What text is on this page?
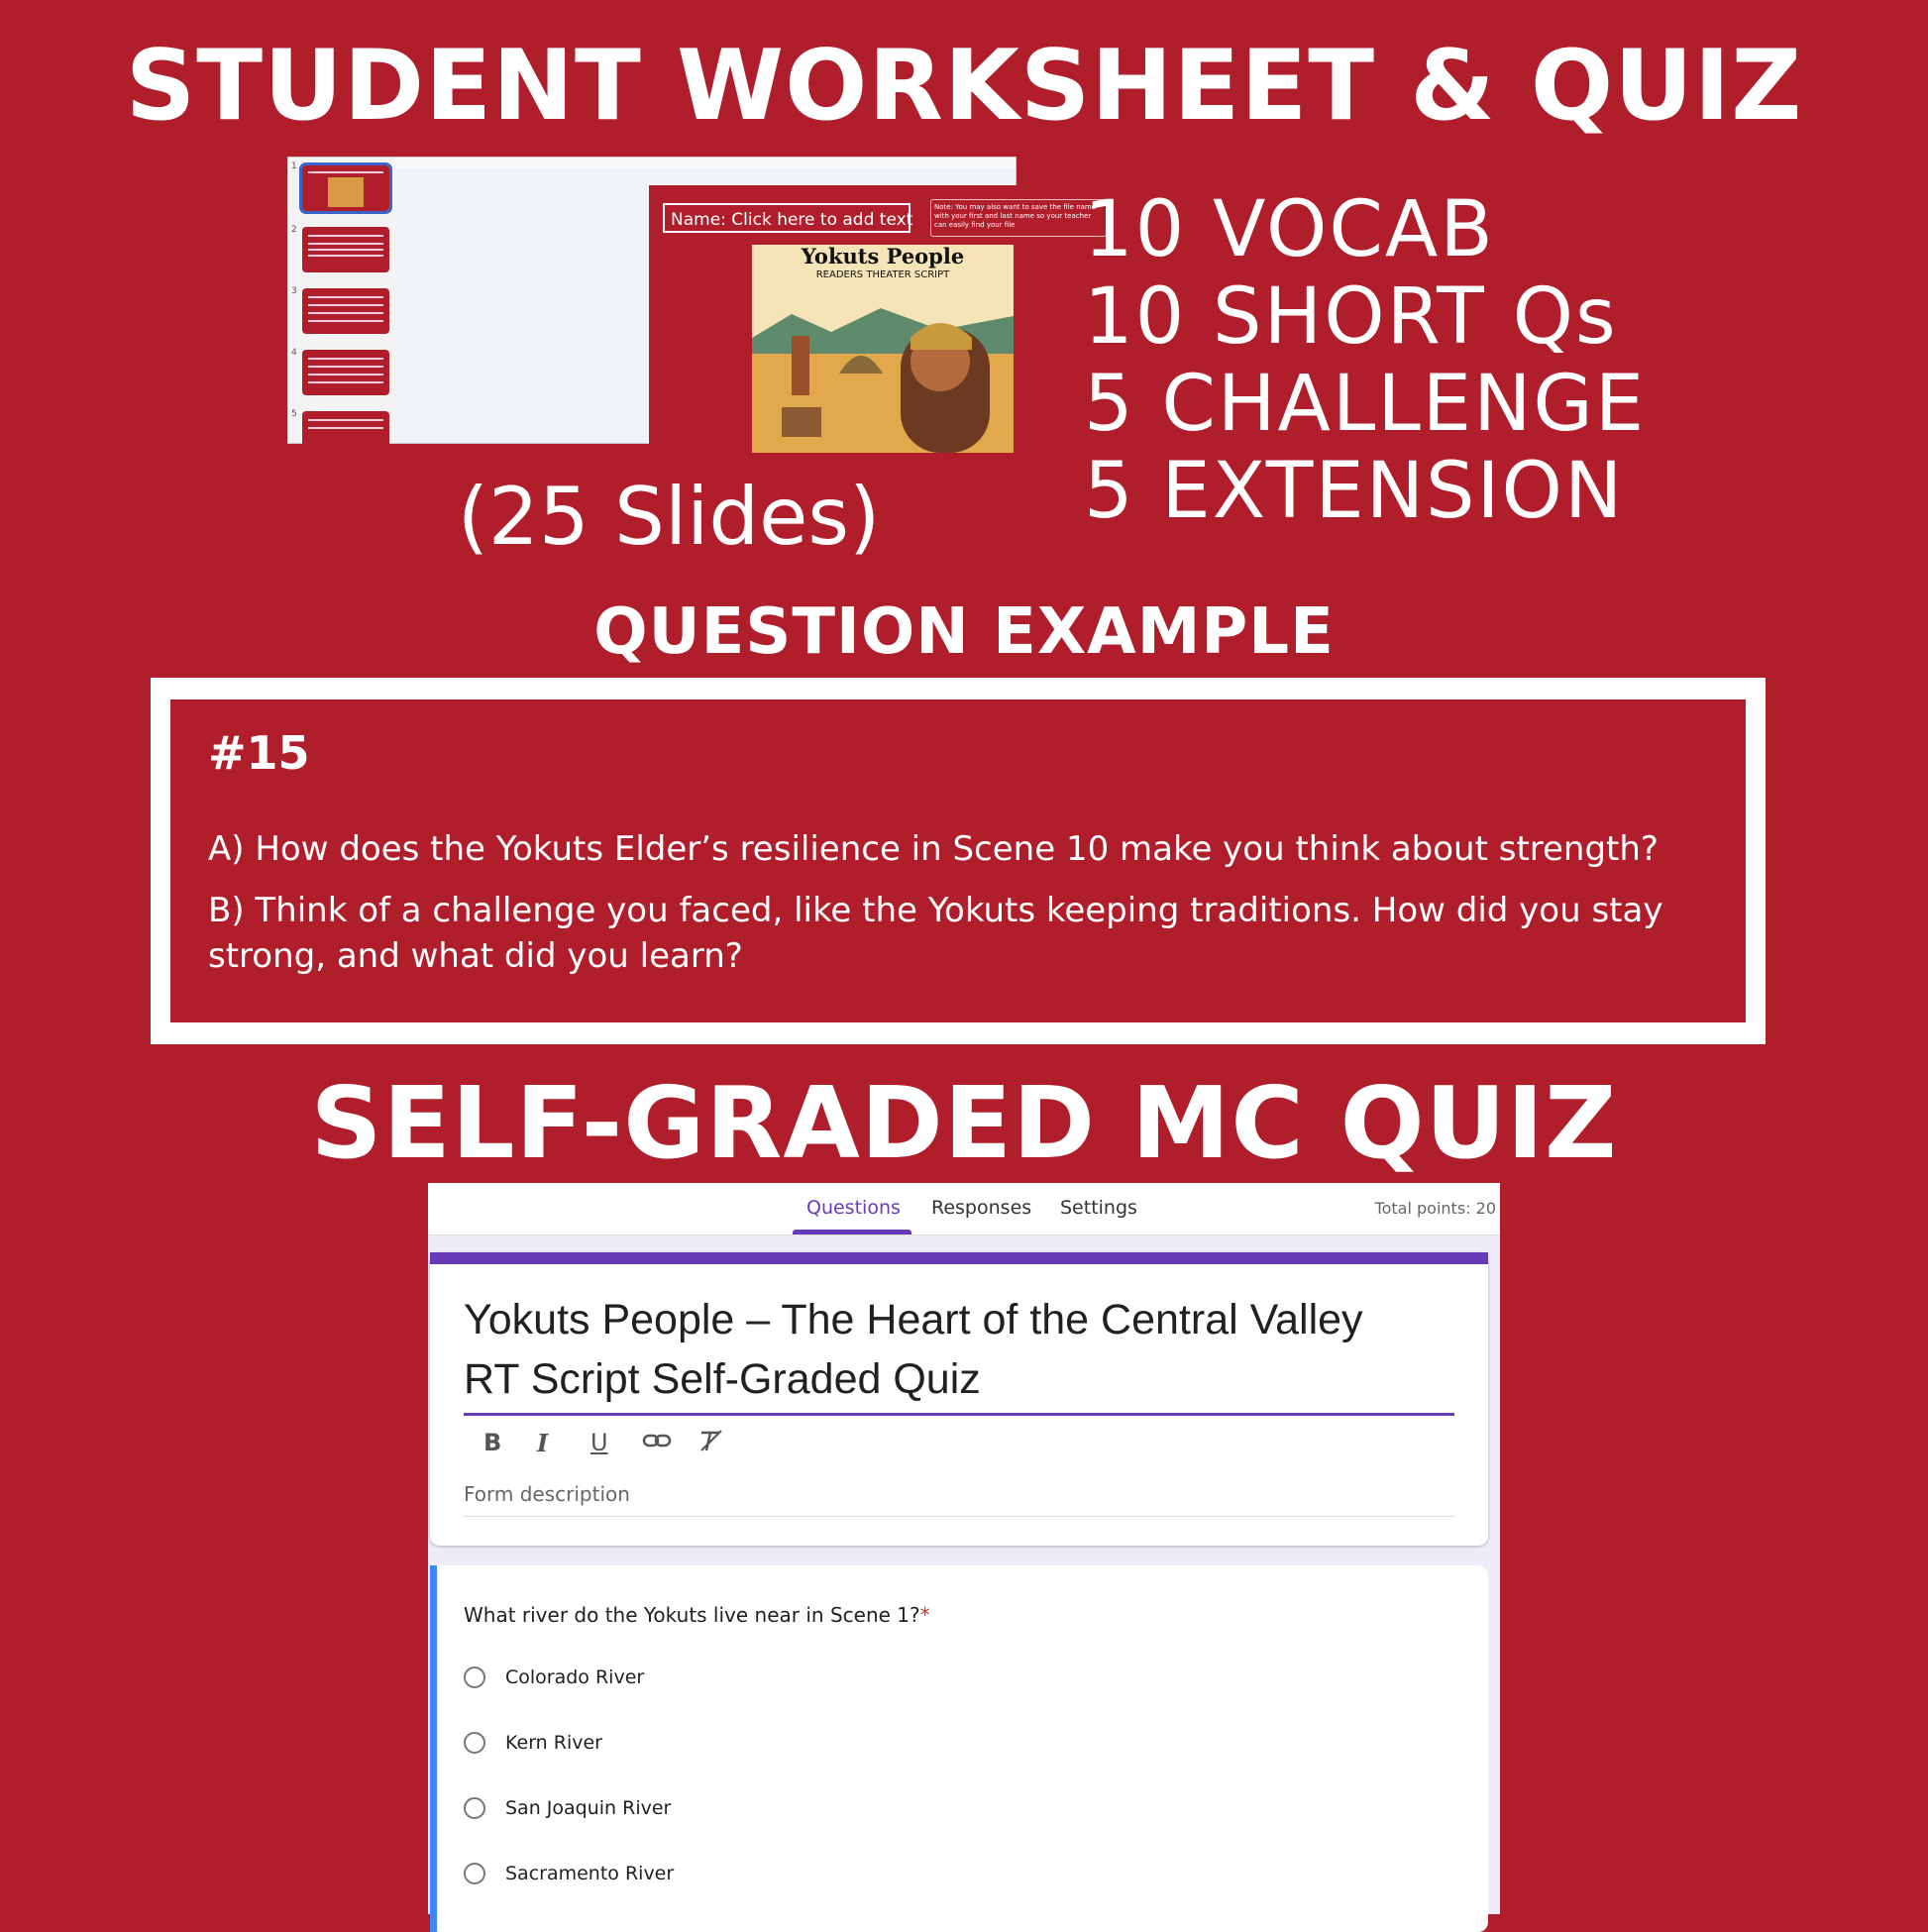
STUDENT WORKSHEET & QUIZ
1
2
3
4
5
Name: Click here to add text
Note: You may also want to save the file name with your first and last name so your teacher can easily find your file
Yokuts People
READERS THEATER SCRIPT
(25 Slides)
10 VOCAB
10 SHORT Qs
5 CHALLENGE
5 EXTENSION
QUESTION EXAMPLE
#15
A) How does the Yokuts Elder’s resilience in Scene 10 make you think about strength?
B) Think of a challenge you faced, like the Yokuts keeping traditions. How did you stay strong, and what did you learn?
SELF-GRADED MC QUIZ
Questions Responses Settings	Total points: 20
Yokuts People – The Heart of the Central Valley
RT Script Self-Graded Quiz
B I U
Form description
What river do the Yokuts live near in Scene 1?*
Colorado River
Kern River
San Joaquin River
Sacramento River
